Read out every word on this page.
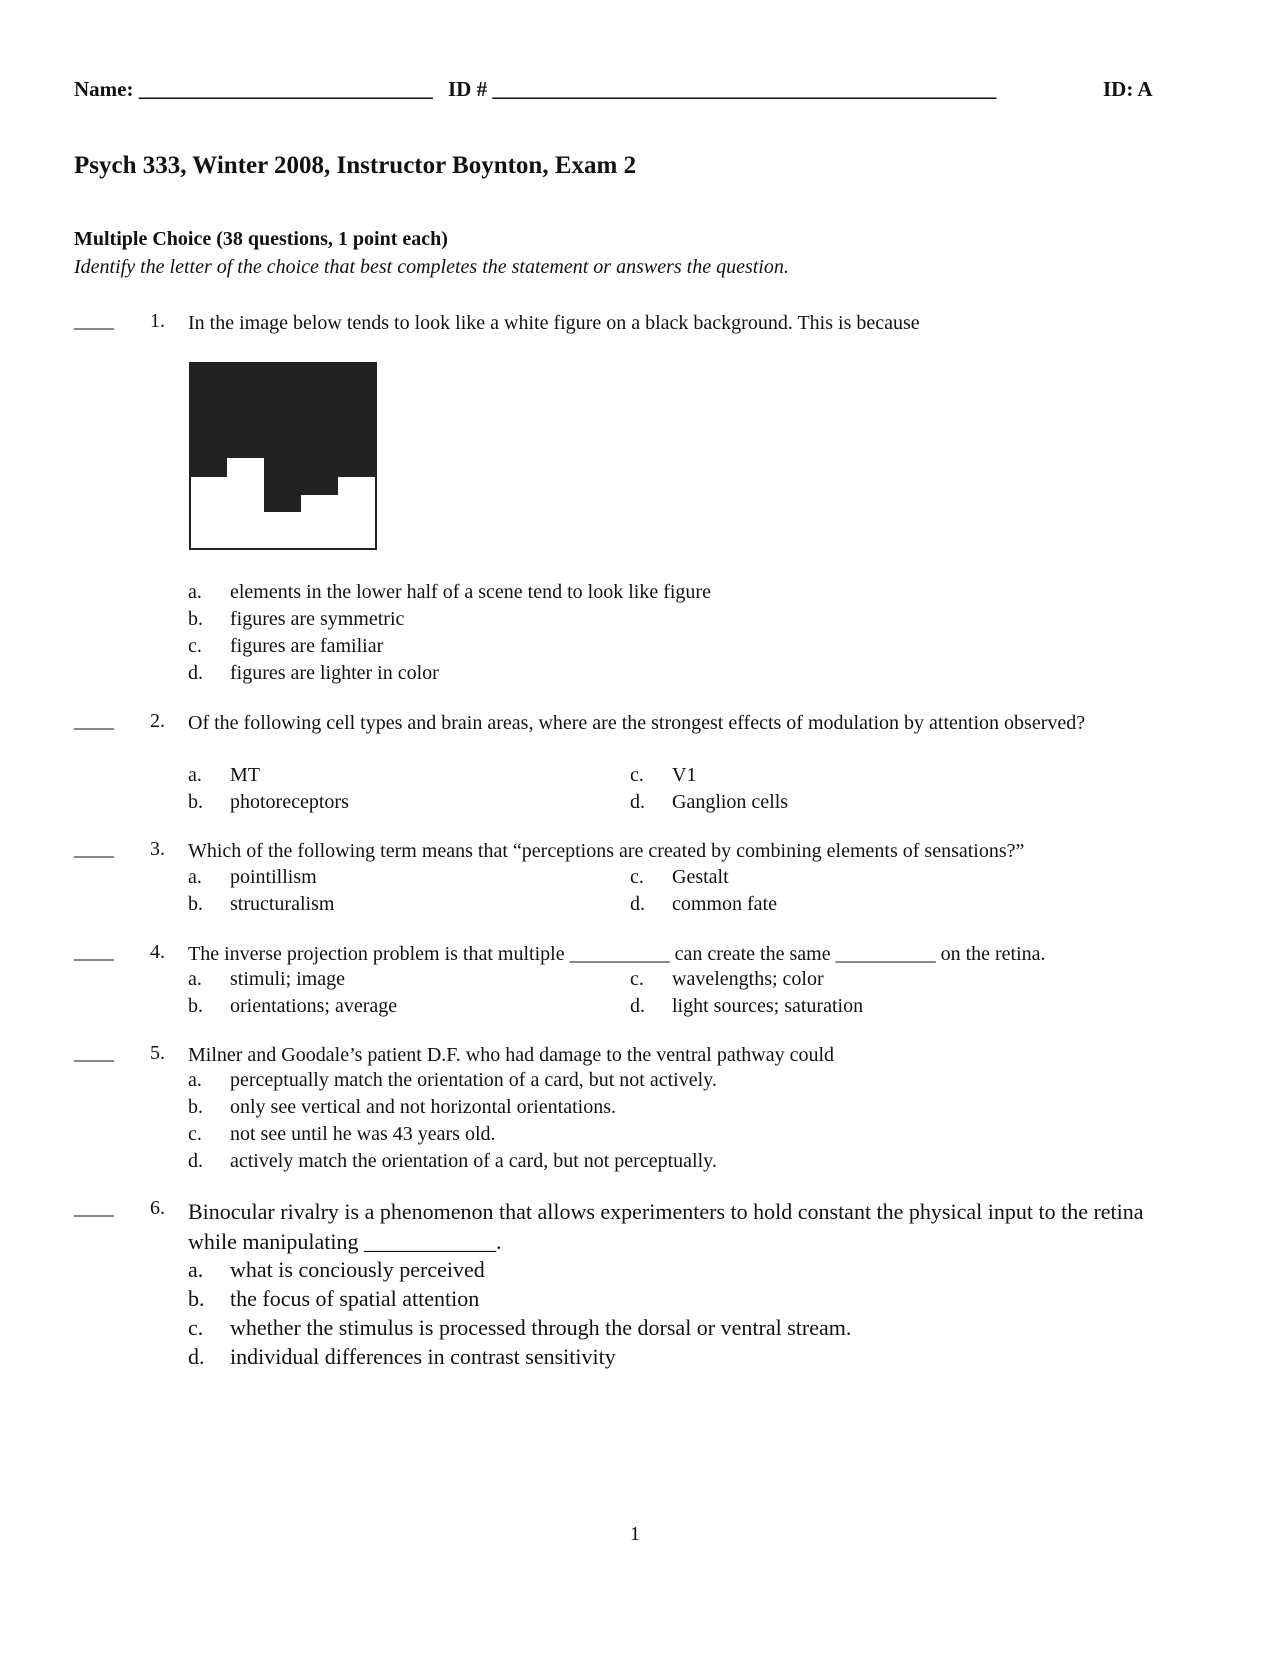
Name: ____________________________ ID # ________________________________________________	ID: A
Psych 333, Winter 2008, Instructor Boynton, Exam 2
Multiple Choice (38 questions, 1 point each)
Identify the letter of the choice that best completes the statement or answers the question.
____ 1.	In the image below tends to look like a white figure on a black background. This is because
a. elements in the lower half of a scene tend to look like figure
b. figures are symmetric
c. figures are familiar
d. figures are lighter in color
____ 2.	Of the following cell types and brain areas, where are the strongest effects of modulation by attention observed?
a. MT
b. photoreceptors
c. V1
d. Ganglion cells
____ 3.	Which of the following term means that “perceptions are created by combining elements of sensations?”
a. pointillism
b. structuralism
c. Gestalt
d. common fate
____ 4.	The inverse projection problem is that multiple __________ can create the same __________ on the retina.
a. stimuli; image
b. orientations; average
c. wavelengths; color
d. light sources; saturation
____ 5.	Milner and Goodale’s patient D.F. who had damage to the ventral pathway could
a. perceptually match the orientation of a card, but not actively.
b. only see vertical and not horizontal orientations.
c. not see until he was 43 years old.
d. actively match the orientation of a card, but not perceptually.
____ 6.	Binocular rivalry is a phenomenon that allows experimenters to hold constant the physical input to the retina while manipulating ____________.
a. what is conciously perceived
b. the focus of spatial attention
c. whether the stimulus is processed through the dorsal or ventral stream.
d. individual differences in contrast sensitivity
1
